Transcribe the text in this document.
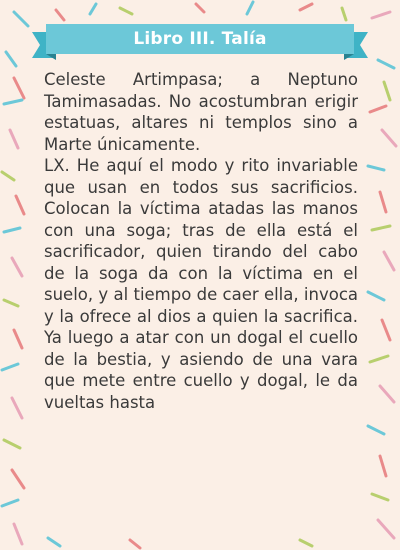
Libro III. Talía

Celeste Artimpasa; a Neptuno Tamimasadas. No acostumbran erigir estatuas, altares ni templos sino a Marte únicamente.

LX. He aquí el modo y rito invariable que usan en todos sus sacrificios. Colocan la víctima atadas las manos con una soga; tras de ella está el sacrificador, quien tirando del cabo de la soga da con la víctima en el suelo, y al tiempo de caer ella, invoca y la ofrece al dios a quien la sacrifica. Ya luego a atar con un dogal el cuello de la bestia, y asiendo de una vara que mete entre cuello y dogal, le da vueltas hasta
